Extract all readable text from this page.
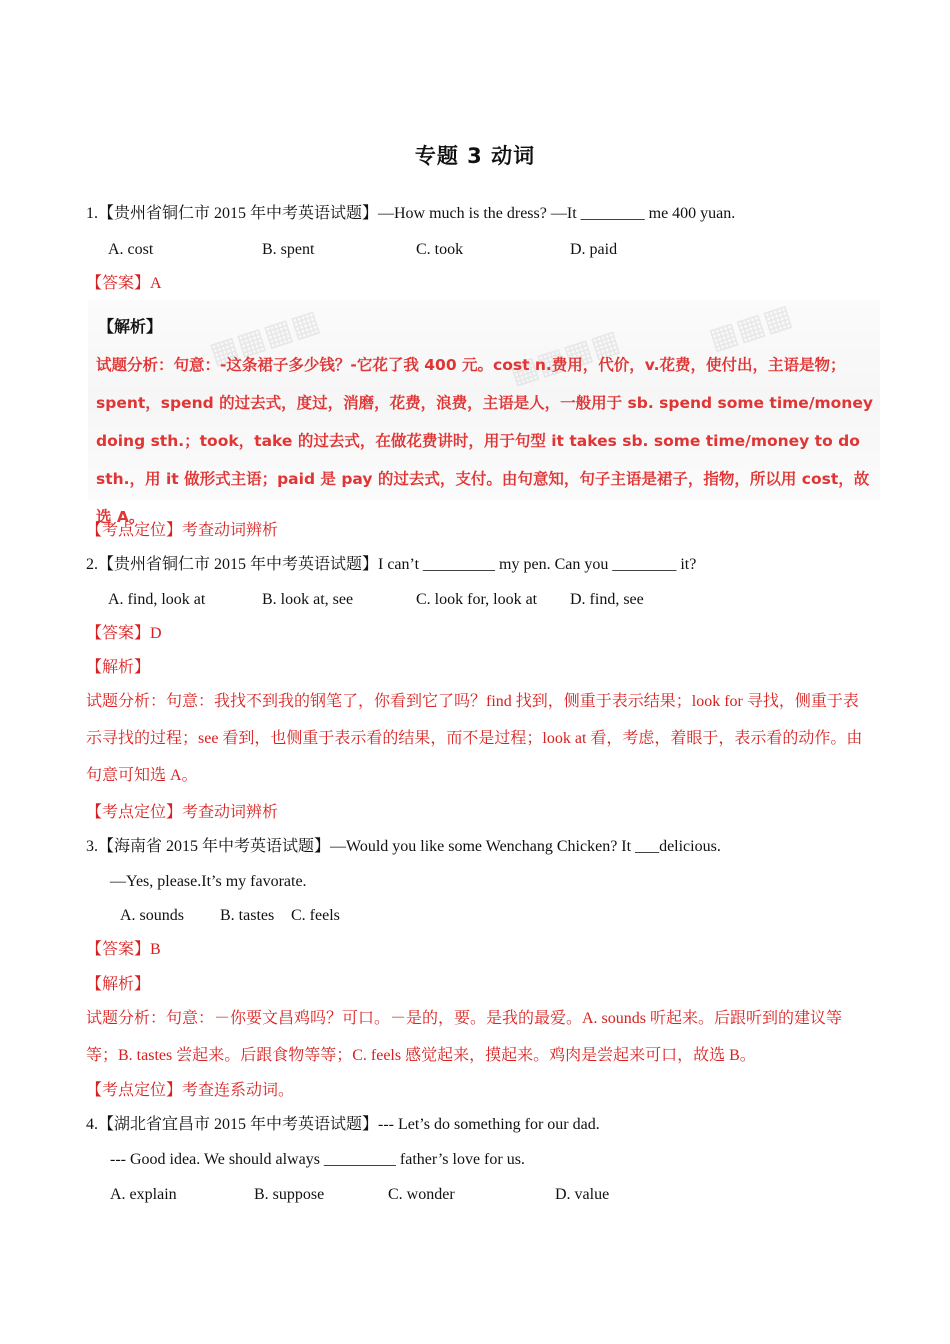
专题 3 动词
1.【贵州省铜仁市 2015 年中考英语试题】—How much is the dress? —It ________ me 400 yuan.
A. cost	B. spent	C. took	D. paid
【答案】A
▦▦▦▦	▦▦▦▦	▦▦▦
【解析】
试题分析：句意：-这条裙子多少钱？-它花了我 400 元。cost n.费用，代价，v.花费，使付出，主语是物；spent，spend 的过去式，度过，消磨，花费，浪费，主语是人，一般用于 sb. spend some time/money doing sth.；took，take 的过去式，在做花费讲时，用于句型 it takes sb. some time/money to do sth.，用 it 做形式主语；paid 是 pay 的过去式，支付。由句意知，句子主语是裙子，指物，所以用 cost，故选 A。
【考点定位】考查动词辨析
2.【贵州省铜仁市 2015 年中考英语试题】I can’t _________ my pen. Can you ________ it?
A. find, look at	B. look at, see	C. look for, look at D. find, see
【答案】D
【解析】
试题分析：句意：我找不到我的钢笔了，你看到它了吗？find 找到，侧重于表示结果；look for 寻找，侧重于表示寻找的过程；see 看到，也侧重于表示看的结果，而不是过程；look at 看，考虑，着眼于，表示看的动作。由句意可知选 A。
【考点定位】考查动词辨析
3.【海南省 2015 年中考英语试题】—Would you like some Wenchang Chicken? It ___delicious.
—Yes, please.It’s my favorate.
A. sounds B. tastes C. feels
【答案】B
【解析】
试题分析：句意：－你要文昌鸡吗？可口。－是的，要。是我的最爱。A. sounds 听起来。后跟听到的建议等等；B. tastes 尝起来。后跟食物等等；C. feels 感觉起来，摸起来。鸡肉是尝起来可口，故选 B。
【考点定位】考查连系动词。
4.【湖北省宜昌市 2015 年中考英语试题】--- Let’s do something for our dad.
--- Good idea. We should always _________ father’s love for us.
A. explain	B. suppose	C. wonder	D. value
